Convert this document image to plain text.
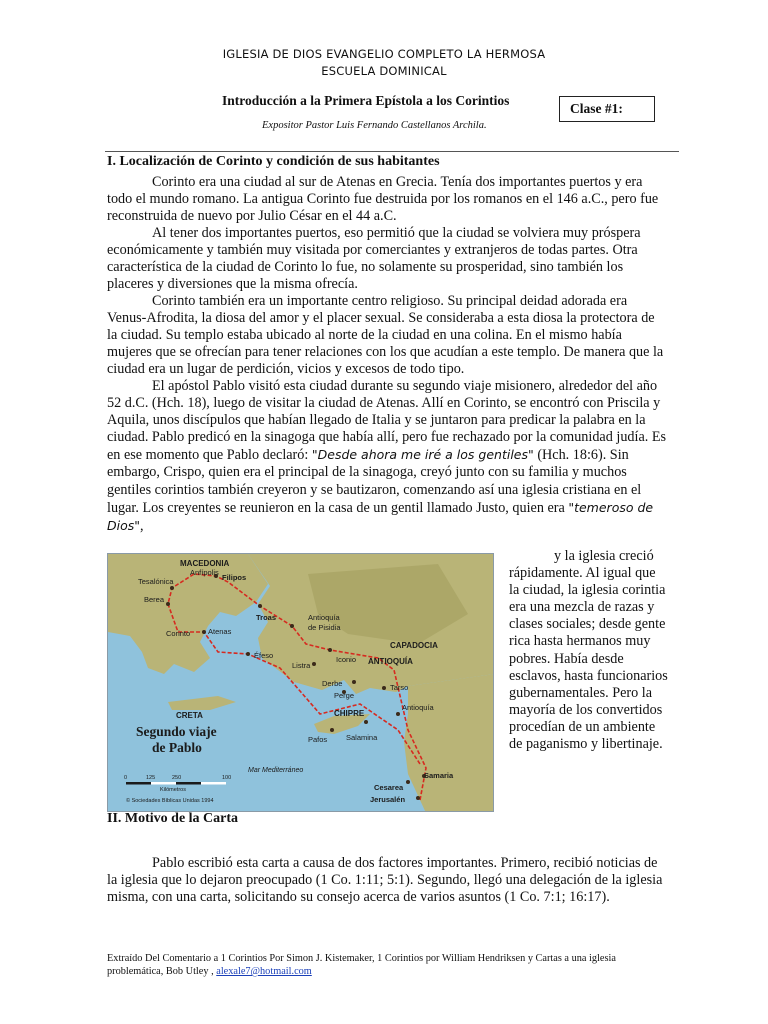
IGLESIA DE DIOS EVANGELIO COMPLETO LA HERMOSA
ESCUELA DOMINICAL
Introducción a la Primera Epístola a los Corintios
Clase #1:
Expositor Pastor Luis Fernando Castellanos Archila.
I. Localización de Corinto y condición de sus habitantes
Corinto era una ciudad al sur de Atenas en Grecia. Tenía dos importantes puertos y era todo el mundo romano. La antigua Corinto fue destruida por los romanos en el 146 a.C., pero fue reconstruida de nuevo por Julio César en el 44 a.C.
Al tener dos importantes puertos, eso permitió que la ciudad se volviera muy próspera económicamente y también muy visitada por comerciantes y extranjeros de todas partes. Otra característica de la ciudad de Corinto lo fue, no solamente su prosperidad, sino también los placeres y diversiones que la misma ofrecía.
Corinto también era un importante centro religioso. Su principal deidad adorada era Venus-Afrodita, la diosa del amor y el placer sexual. Se consideraba a esta diosa la protectora de la ciudad. Su templo estaba ubicado al norte de la ciudad en una colina. En el mismo había mujeres que se ofrecían para tener relaciones con los que acudían a este templo. De manera que la ciudad era un lugar de perdición, vicios y excesos de todo tipo.
El apóstol Pablo visitó esta ciudad durante su segundo viaje misionero, alrededor del año 52 d.C. (Hch. 18), luego de visitar la ciudad de Atenas. Allí en Corinto, se encontró con Priscila y Aquila, unos discípulos que habían llegado de Italia y se juntaron para predicar la palabra en la ciudad. Pablo predicó en la sinagoga que había allí, pero fue rechazado por la comunidad judía. Es en ese momento que Pablo declaró: "Desde ahora me iré a los gentiles" (Hch. 18:6). Sin embargo, Crispo, quien era el principal de la sinagoga, creyó junto con su familia y muchos gentiles corintios también creyeron y se bautizaron, comenzando así una iglesia cristiana en el lugar. Los creyentes se reunieron en la casa de un gentil llamado Justo, quien era "temeroso de Dios",
MACEDONIA
CAPADOCIA
ANTIOQUÍA
CRETA	CHIPRE
Anfípolis
Filipos
Tesalónica
Berea
Troas	Antioquía
de Pisidia
Corinto Atenas
Éfeso	Iconio
Listra
Derbe	Tarso
Perge
Antioquía
Pafos	Salamina
Cesarea
Jerusalén
Samaria
Mar Mediterráneo
Segundo viaje
de Pablo
0	125	250	100
Kilómetros
© Sociedades Bíblicas Unidas 1994
y la iglesia creció rápidamente. Al igual que la ciudad, la iglesia corintia era una mezcla de razas y clases sociales; desde gente rica hasta hermanos muy pobres. Había desde esclavos, hasta funcionarios gubernamentales. Pero la mayoría de los convertidos procedían de un ambiente de paganismo y libertinaje.
II. Motivo de la Carta
Pablo escribió esta carta a causa de dos factores importantes. Primero, recibió noticias de la iglesia que lo dejaron preocupado (1 Co. 1:11; 5:1). Segundo, llegó una delegación de la iglesia misma, con una carta, solicitando su consejo acerca de varios asuntos (1 Co. 7:1; 16:17).
Extraído Del Comentario a 1 Corintios Por Simon J. Kistemaker, 1 Corintios por William Hendriksen y Cartas a una iglesia problemática, Bob Utley , alexale7@hotmail.com
